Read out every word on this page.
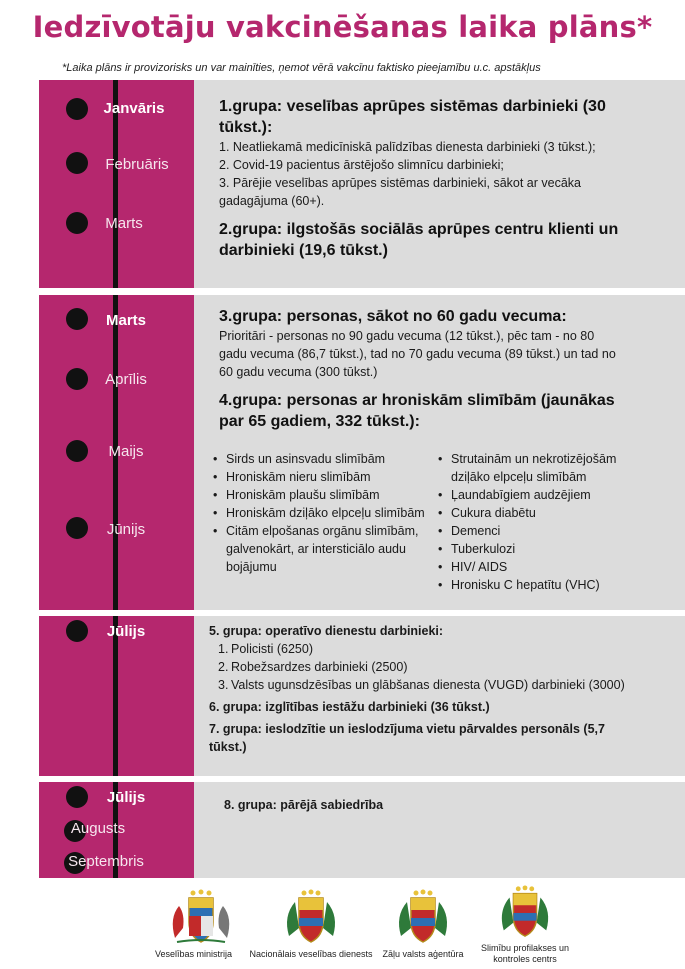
Iedzīvotāju vakcinēšanas laika plāns*
*Laika plāns ir provizorisks un var mainīties, ņemot vērā vakcīnu faktisko pieejamību u.c. apstākļus
Janvāris
Februāris
Marts

1.grupa: veselības aprūpes sistēmas darbinieki (30 tūkst.):

1. Neatliekamā medicīniskā palīdzības dienesta darbinieki (3 tūkst.);

2. Covid-19 pacientus ārstējošo slimnīcu darbinieki;

3. Pārējie veselības aprūpes sistēmas darbinieki, sākot ar vecāka gadagājuma (60+).

2.grupa: ilgstošās sociālās aprūpes centru klienti un darbinieki (19,6 tūkst.)

Marts
Aprīlis
Maijs
Jūnijs

3.grupa: personas, sākot no 60 gadu vecuma:

Prioritāri - personas no 90 gadu vecuma (12 tūkst.), pēc tam - no 80 gadu vecuma (86,7 tūkst.), tad no 70 gadu vecuma (89 tūkst.) un tad no 60 gadu vecuma (300 tūkst.)

4.grupa: personas ar hroniskām slimībām (jaunākas par 65 gadiem, 332 tūkst.):

• Sirds un asinsvadu slimībām
• Hroniskām nieru slimībām
• Hroniskām plaušu slimībām
• Hroniskām dziļāko elpceļu slimībām
• Citām elpošanas orgānu slimībām, galvenokārt, ar intersticiālo audu bojājumu
• Strutainām un nekrotizējošām dziļāko elpceļu slimībām
• Ļaundabīgiem audzējiem
• Cukura diabētu
• Demenci
• Tuberkulozi
• HIV/ AIDS
• Hronisku C hepatītu (VHC)
Jūlijs	5. grupa: operatīvo dienestu darbinieki:

1. Policisti (6250)
2. Robežsardzes darbinieki (2500)
3. Valsts ugunsdzēsības un glābšanas dienesta (VUGD) darbinieki (3000)

6. grupa: izglītības iestāžu darbinieki (36 tūkst.)

7. grupa: ieslodzītie un ieslodzījuma vietu pārvaldes personāls (5,7 tūkst.)

Jūlijs
Augusts
Septembris

8. grupa: pārējā sabiedrība

Veselības ministrija	Nacionālais veselības dienests	Zāļu valsts aģentūra
Slimību profilakses un kontroles centrs
